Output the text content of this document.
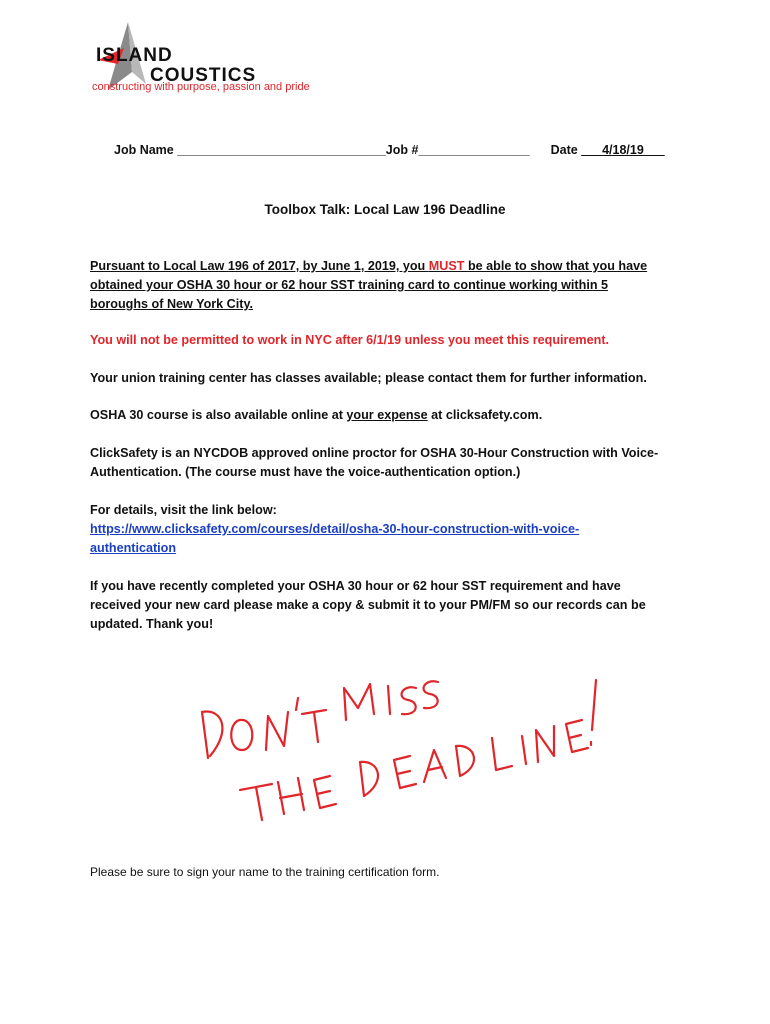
ISLAND
COUSTICS
constructing with purpose, passion and pride
Job Name ______________________________Job #________________ Date ___4/18/19___
Toolbox Talk: Local Law 196 Deadline
Pursuant to Local Law 196 of 2017, by June 1, 2019, you MUST be able to show that you have
obtained your OSHA 30 hour or 62 hour SST training card to continue working within 5
boroughs of New York City.
You will not be permitted to work in NYC after 6/1/19 unless you meet this requirement.
Your union training center has classes available; please contact them for further information.
OSHA 30 course is also available online at your expense at clicksafety.com.
ClickSafety is an NYCDOB approved online proctor for OSHA 30-Hour Construction with Voice-
Authentication. (The course must have the voice-authentication option.)
For details, visit the link below:
https://www.clicksafety.com/courses/detail/osha-30-hour-construction-with-voice-
authentication
If you have recently completed your OSHA 30 hour or 62 hour SST requirement and have
received your new card please make a copy & submit it to your PM/FM so our records can be
updated. Thank you!
Please be sure to sign your name to the training certification form.
